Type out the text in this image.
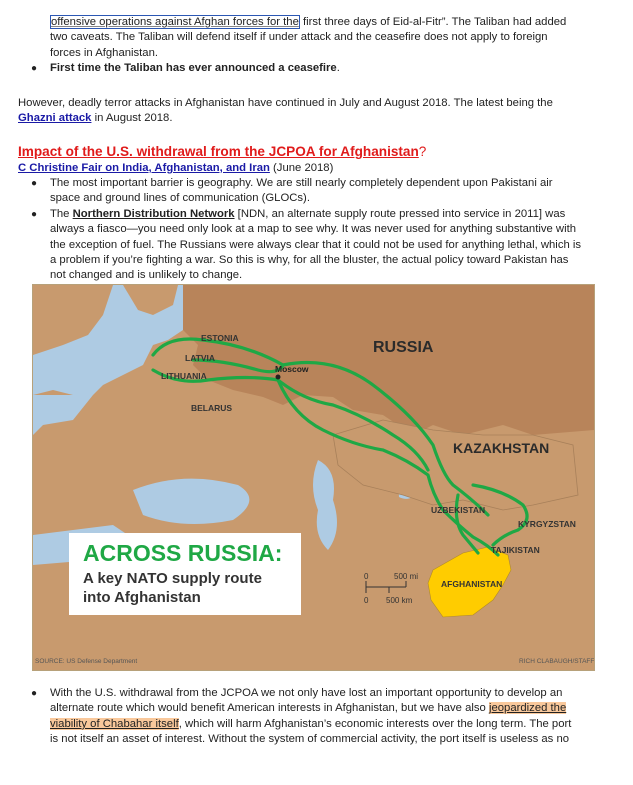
offensive operations against Afghan forces for the first three days of Eid-al-Fitr”. The Taliban had added
two caveats. The Taliban will defend itself if under attack and the ceasefire does not apply to foreign
forces in Afghanistan.
● First time the Taliban has ever announced a ceasefire.
However, deadly terror attacks in Afghanistan have continued in July and August 2018. The latest being the
Ghazni attack in August 2018.
Impact of the U.S. withdrawal from the JCPOA for Afghanistan?
C Christine Fair on India, Afghanistan, and Iran (June 2018)
● The most important barrier is geography. We are still nearly completely dependent upon Pakistani air
space and ground lines of communication (GLOCs).
● The Northern Distribution Network [NDN, an alternate supply route pressed into service in 2011] was
always a fiasco—you need only look at a map to see why. It was never used for anything substantive with
the exception of fuel. The Russians were always clear that it could not be used for anything lethal, which is
a problem if you’re fighting a war. So this is why, for all the bluster, the actual policy toward Pakistan has
not changed and is unlikely to change.
RUSSIA
KAZAKHSTAN
ESTONIA
LATVIA
LITHUANIA
BELARUS
UZBEKISTAN
KYRGYZSTAN
TAJIKISTAN
AFGHANISTAN
Moscow
ACROSS RUSSIA:
A key NATO supply route
into Afghanistan
0	500 mi
0 500 km
SOURCE: US Defense Department	RICH CLABAUGH/STAFF
● With the U.S. withdrawal from the JCPOA we not only have lost an important opportunity to develop an
alternate route which would benefit American interests in Afghanistan, but we have also jeopardized the
viability of Chabahar itself, which will harm Afghanistan’s economic interests over the long term. The port
is not itself an asset of interest. Without the system of commercial activity, the port itself is useless as no
